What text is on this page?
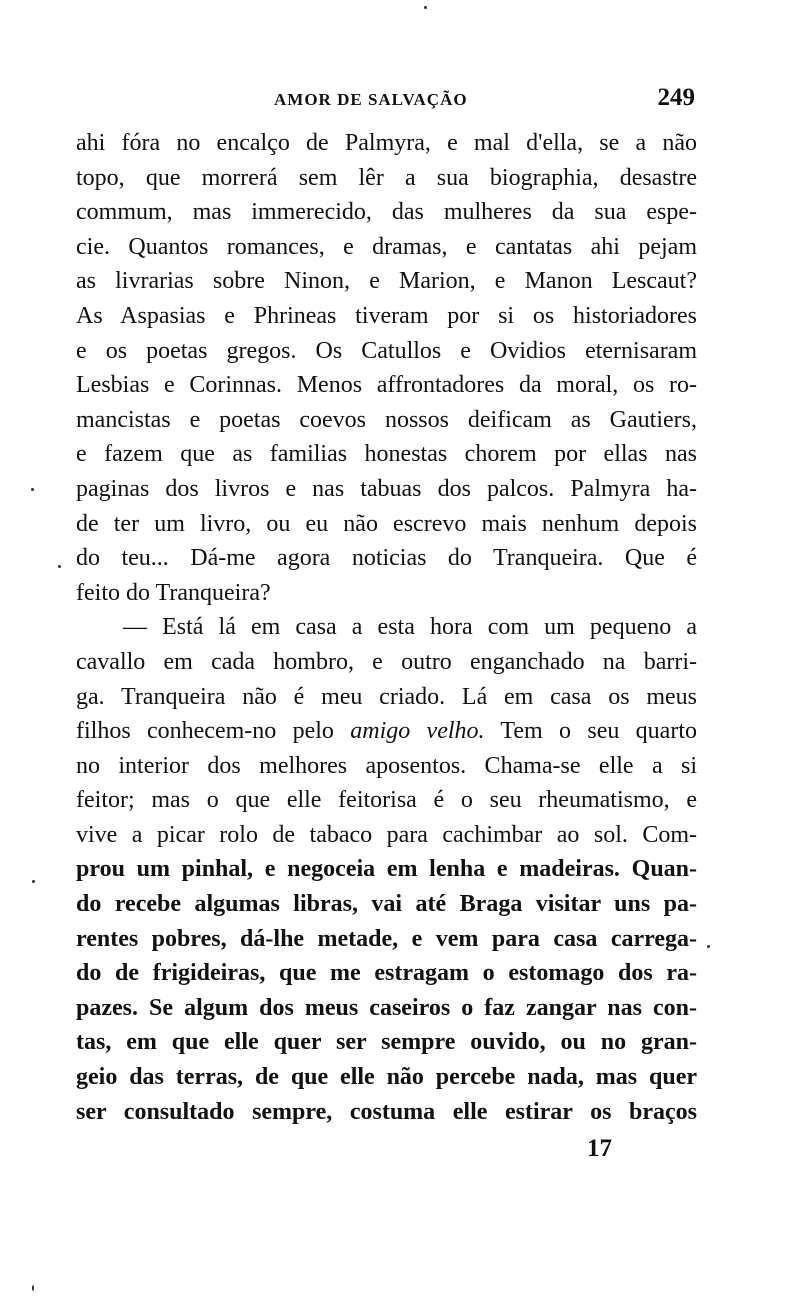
AMOR DE SALVAÇÃO	249
ahi fóra no encalço de Palmyra, e mal d'ella, se a não
topo, que morrerá sem lêr a sua biographia, desastre
commum, mas immerecido, das mulheres da sua espe-
cie. Quantos romances, e dramas, e cantatas ahi pejam
as livrarias sobre Ninon, e Marion, e Manon Lescaut?
As Aspasias e Phrineas tiveram por si os historiadores
e os poetas gregos. Os Catullos e Ovidios eternisaram
Lesbias e Corinnas. Menos affrontadores da moral, os ro-
mancistas e poetas coevos nossos deificam as Gautiers,
e fazem que as familias honestas chorem por ellas nas
paginas dos livros e nas tabuas dos palcos. Palmyra ha-
de ter um livro, ou eu não escrevo mais nenhum depois
do teu... Dá-me agora noticias do Tranqueira. Que é
feito do Tranqueira?
— Está lá em casa a esta hora com um pequeno a
cavallo em cada hombro, e outro enganchado na barri-
ga. Tranqueira não é meu criado. Lá em casa os meus
filhos conhecem-no pelo amigo velho. Tem o seu quarto
no interior dos melhores aposentos. Chama-se elle a si
feitor; mas o que elle feitorisa é o seu rheumatismo, e
vive a picar rolo de tabaco para cachimbar ao sol. Com-
prou um pinhal, e negoceia em lenha e madeiras. Quan-
do recebe algumas libras, vai até Braga visitar uns pa-
rentes pobres, dá-lhe metade, e vem para casa carrega-
do de frigideiras, que me estragam o estomago dos ra-
pazes. Se algum dos meus caseiros o faz zangar nas con-
tas, em que elle quer ser sempre ouvido, ou no gran-
geio das terras, de que elle não percebe nada, mas quer
ser consultado sempre, costuma elle estirar os braços
17
